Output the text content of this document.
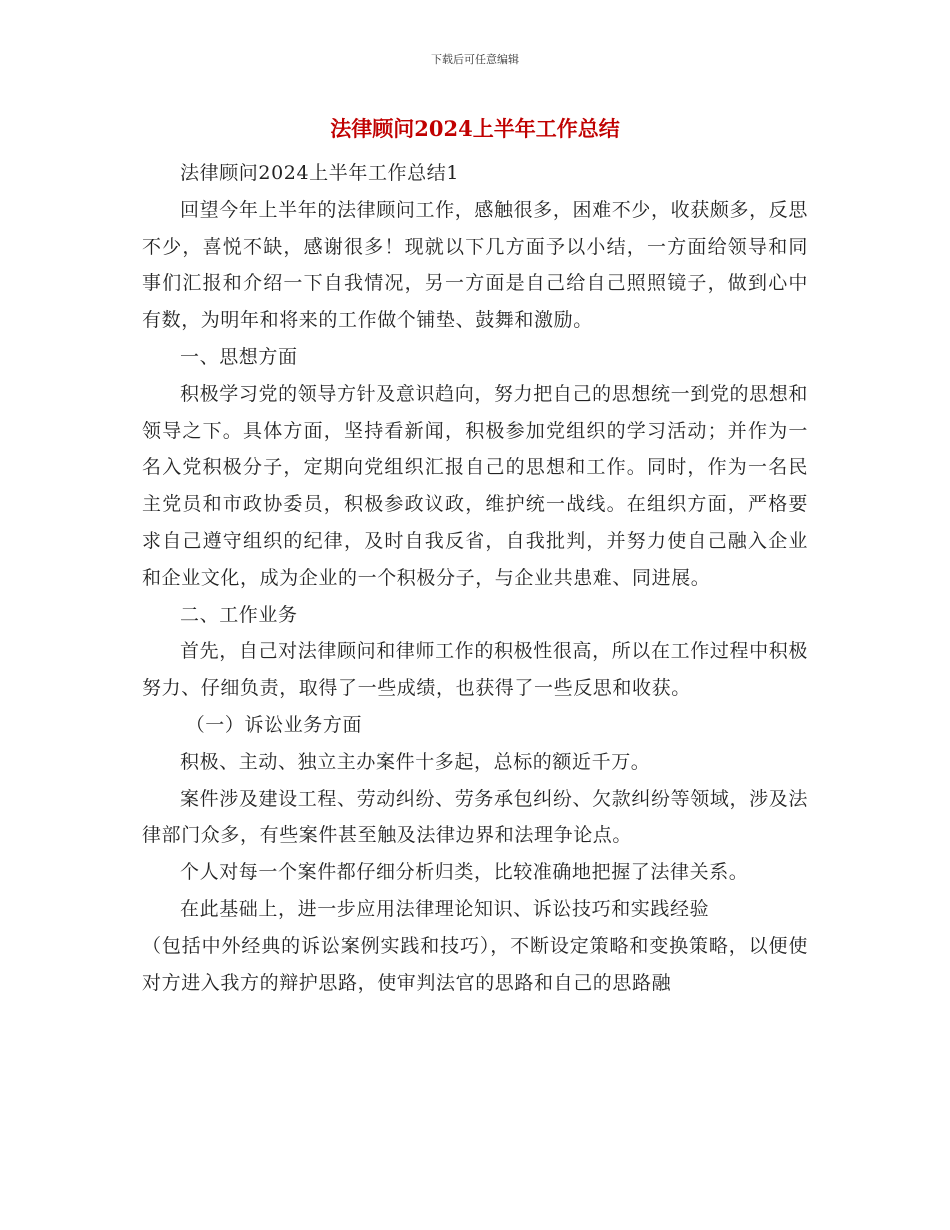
下载后可任意编辑
法律顾问2024上半年工作总结

法律顾问2024上半年工作总结1

回望今年上半年的法律顾问工作，感触很多，困难不少，收获颇多，反思不少，喜悦不缺，感谢很多！现就以下几方面予以小结，一方面给领导和同事们汇报和介绍一下自我情况，另一方面是自己给自己照照镜子，做到心中有数，为明年和将来的工作做个铺垫、鼓舞和激励。

一、思想方面

积极学习党的领导方针及意识趋向，努力把自己的思想统一到党的思想和领导之下。具体方面，坚持看新闻，积极参加党组织的学习活动；并作为一名入党积极分子，定期向党组织汇报自己的思想和工作。同时，作为一名民主党员和市政协委员，积极参政议政，维护统一战线。在组织方面，严格要求自己遵守组织的纪律，及时自我反省，自我批判，并努力使自己融入企业和企业文化，成为企业的一个积极分子，与企业共患难、同进展。

二、工作业务

首先，自己对法律顾问和律师工作的积极性很高，所以在工作过程中积极努力、仔细负责，取得了一些成绩，也获得了一些反思和收获。

（一）诉讼业务方面

积极、主动、独立主办案件十多起，总标的额近千万。

案件涉及建设工程、劳动纠纷、劳务承包纠纷、欠款纠纷等领域，涉及法律部门众多，有些案件甚至触及法律边界和法理争论点。

个人对每一个案件都仔细分析归类，比较准确地把握了法律关系。

在此基础上，进一步应用法律理论知识、诉讼技巧和实践经验

（包括中外经典的诉讼案例实践和技巧），不断设定策略和变换策略，以便使对方进入我方的辩护思路，使审判法官的思路和自己的思路融
